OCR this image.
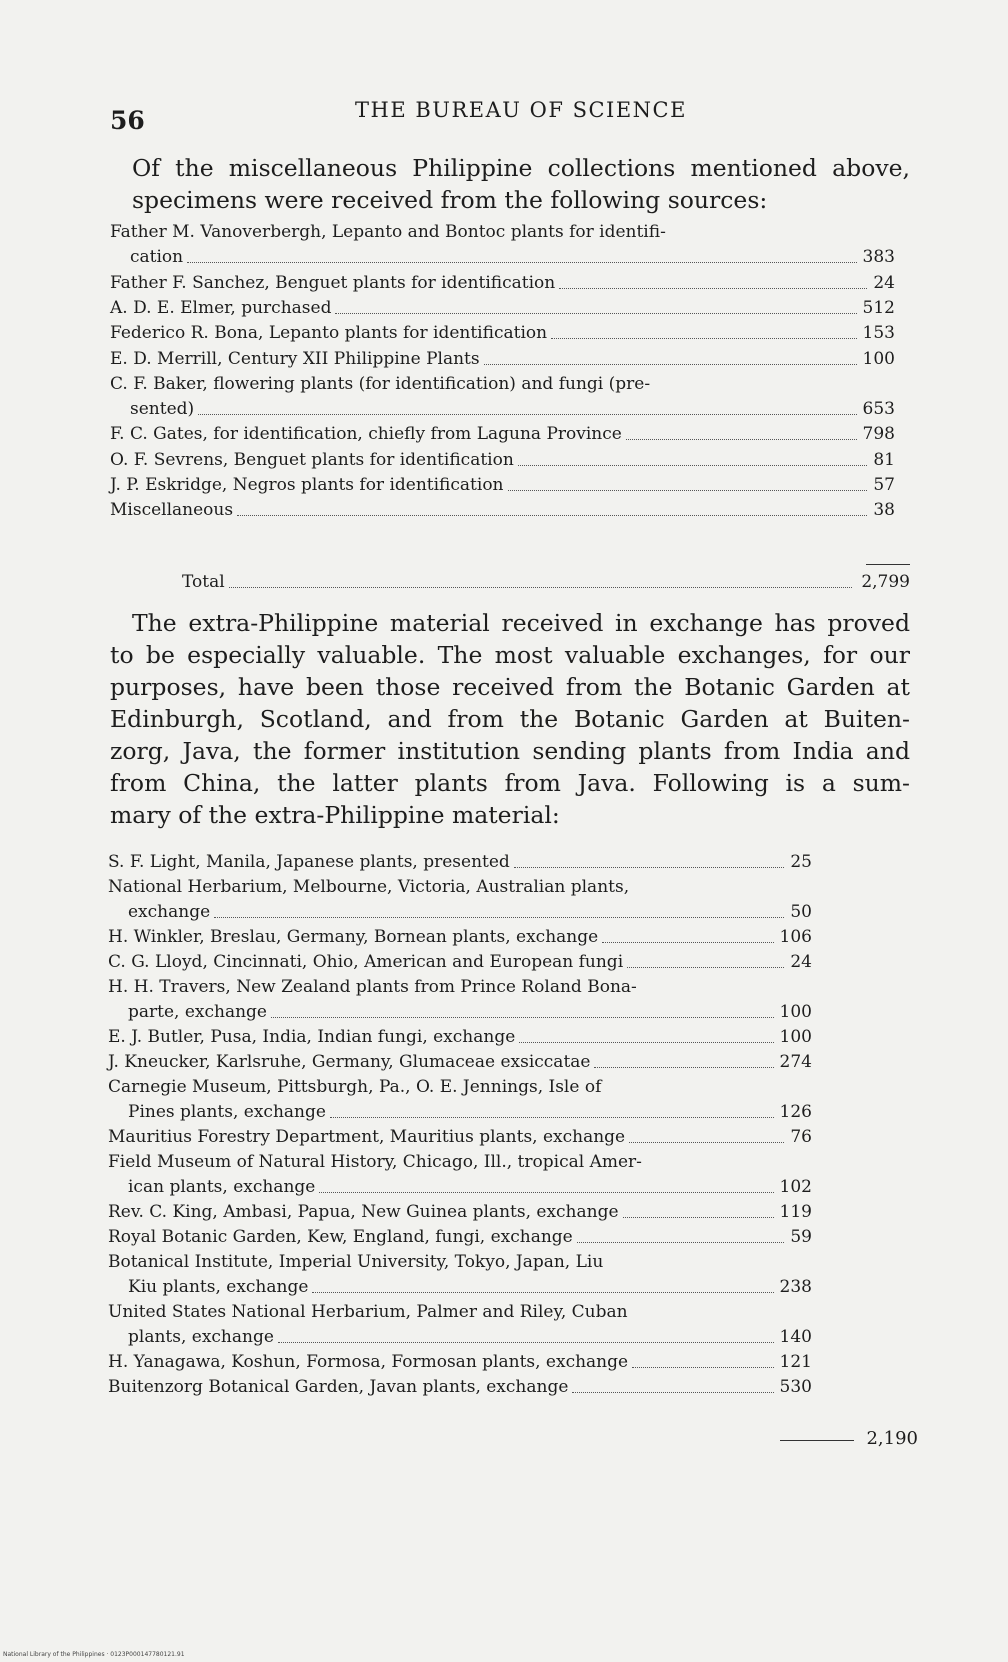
56	THE BUREAU OF SCIENCE
Of the miscellaneous Philippine collections mentioned above,
specimens were received from the following sources:
Father M. Vanoverbergh, Lepanto and Bontoc plants for identifi-
cation	383
Father F. Sanchez, Benguet plants for identification	24
A. D. E. Elmer, purchased	512
Federico R. Bona, Lepanto plants for identification	153
E. D. Merrill, Century XII Philippine Plants	100
C. F. Baker, flowering plants (for identification) and fungi (pre-
sented)	653
F. C. Gates, for identification, chiefly from Laguna Province	798
O. F. Sevrens, Benguet plants for identification	81
J. P. Eskridge, Negros plants for identification	57
Miscellaneous	38
Total	2,799
The extra-Philippine material received in exchange has proved
to be especially valuable. The most valuable exchanges, for our
purposes, have been those received from the Botanic Garden at
Edinburgh, Scotland, and from the Botanic Garden at Buiten-
zorg, Java, the former institution sending plants from India and
from China, the latter plants from Java. Following is a sum-
mary of the extra-Philippine material:
S. F. Light, Manila, Japanese plants, presented	25
National Herbarium, Melbourne, Victoria, Australian plants,
exchange	50
H. Winkler, Breslau, Germany, Bornean plants, exchange	106
C. G. Lloyd, Cincinnati, Ohio, American and European fungi	24
H. H. Travers, New Zealand plants from Prince Roland Bona-
parte, exchange	100
E. J. Butler, Pusa, India, Indian fungi, exchange	100
J. Kneucker, Karlsruhe, Germany, Glumaceae exsiccatae	274
Carnegie Museum, Pittsburgh, Pa., O. E. Jennings, Isle of
Pines plants, exchange	126
Mauritius Forestry Department, Mauritius plants, exchange	76
Field Museum of Natural History, Chicago, Ill., tropical Amer-
ican plants, exchange	102
Rev. C. King, Ambasi, Papua, New Guinea plants, exchange	119
Royal Botanic Garden, Kew, England, fungi, exchange	59
Botanical Institute, Imperial University, Tokyo, Japan, Liu
Kiu plants, exchange	238
United States National Herbarium, Palmer and Riley, Cuban
plants, exchange	140
H. Yanagawa, Koshun, Formosa, Formosan plants, exchange	121
Buitenzorg Botanical Garden, Javan plants, exchange	530
2,190
National Library of the Philippines · 0123P000147780121.91
